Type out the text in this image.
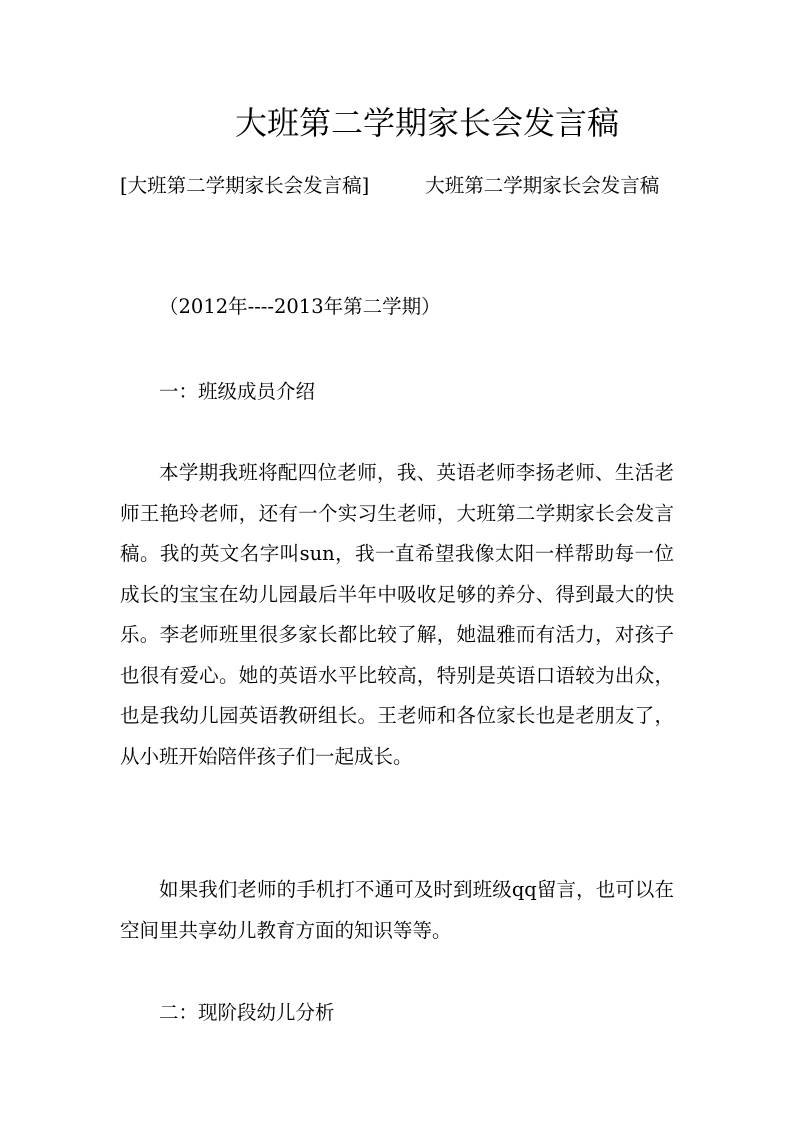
大班第二学期家长会发言稿

[大班第二学期家长会发言稿]	大班第二学期家长会发言稿

（2012年----2013年第二学期）

一：班级成员介绍

本学期我班将配四位老师，我、英语老师李扬老师、生活老师王艳玲老师，还有一个实习生老师，大班第二学期家长会发言稿。我的英文名字叫sun，我一直希望我像太阳一样帮助每一位成长的宝宝在幼儿园最后半年中吸收足够的养分、得到最大的快乐。李老师班里很多家长都比较了解，她温雅而有活力，对孩子也很有爱心。她的英语水平比较高，特别是英语口语较为出众，也是我幼儿园英语教研组长。王老师和各位家长也是老朋友了，从小班开始陪伴孩子们一起成长。

如果我们老师的手机打不通可及时到班级qq留言，也可以在空间里共享幼儿教育方面的知识等等。

二：现阶段幼儿分析
